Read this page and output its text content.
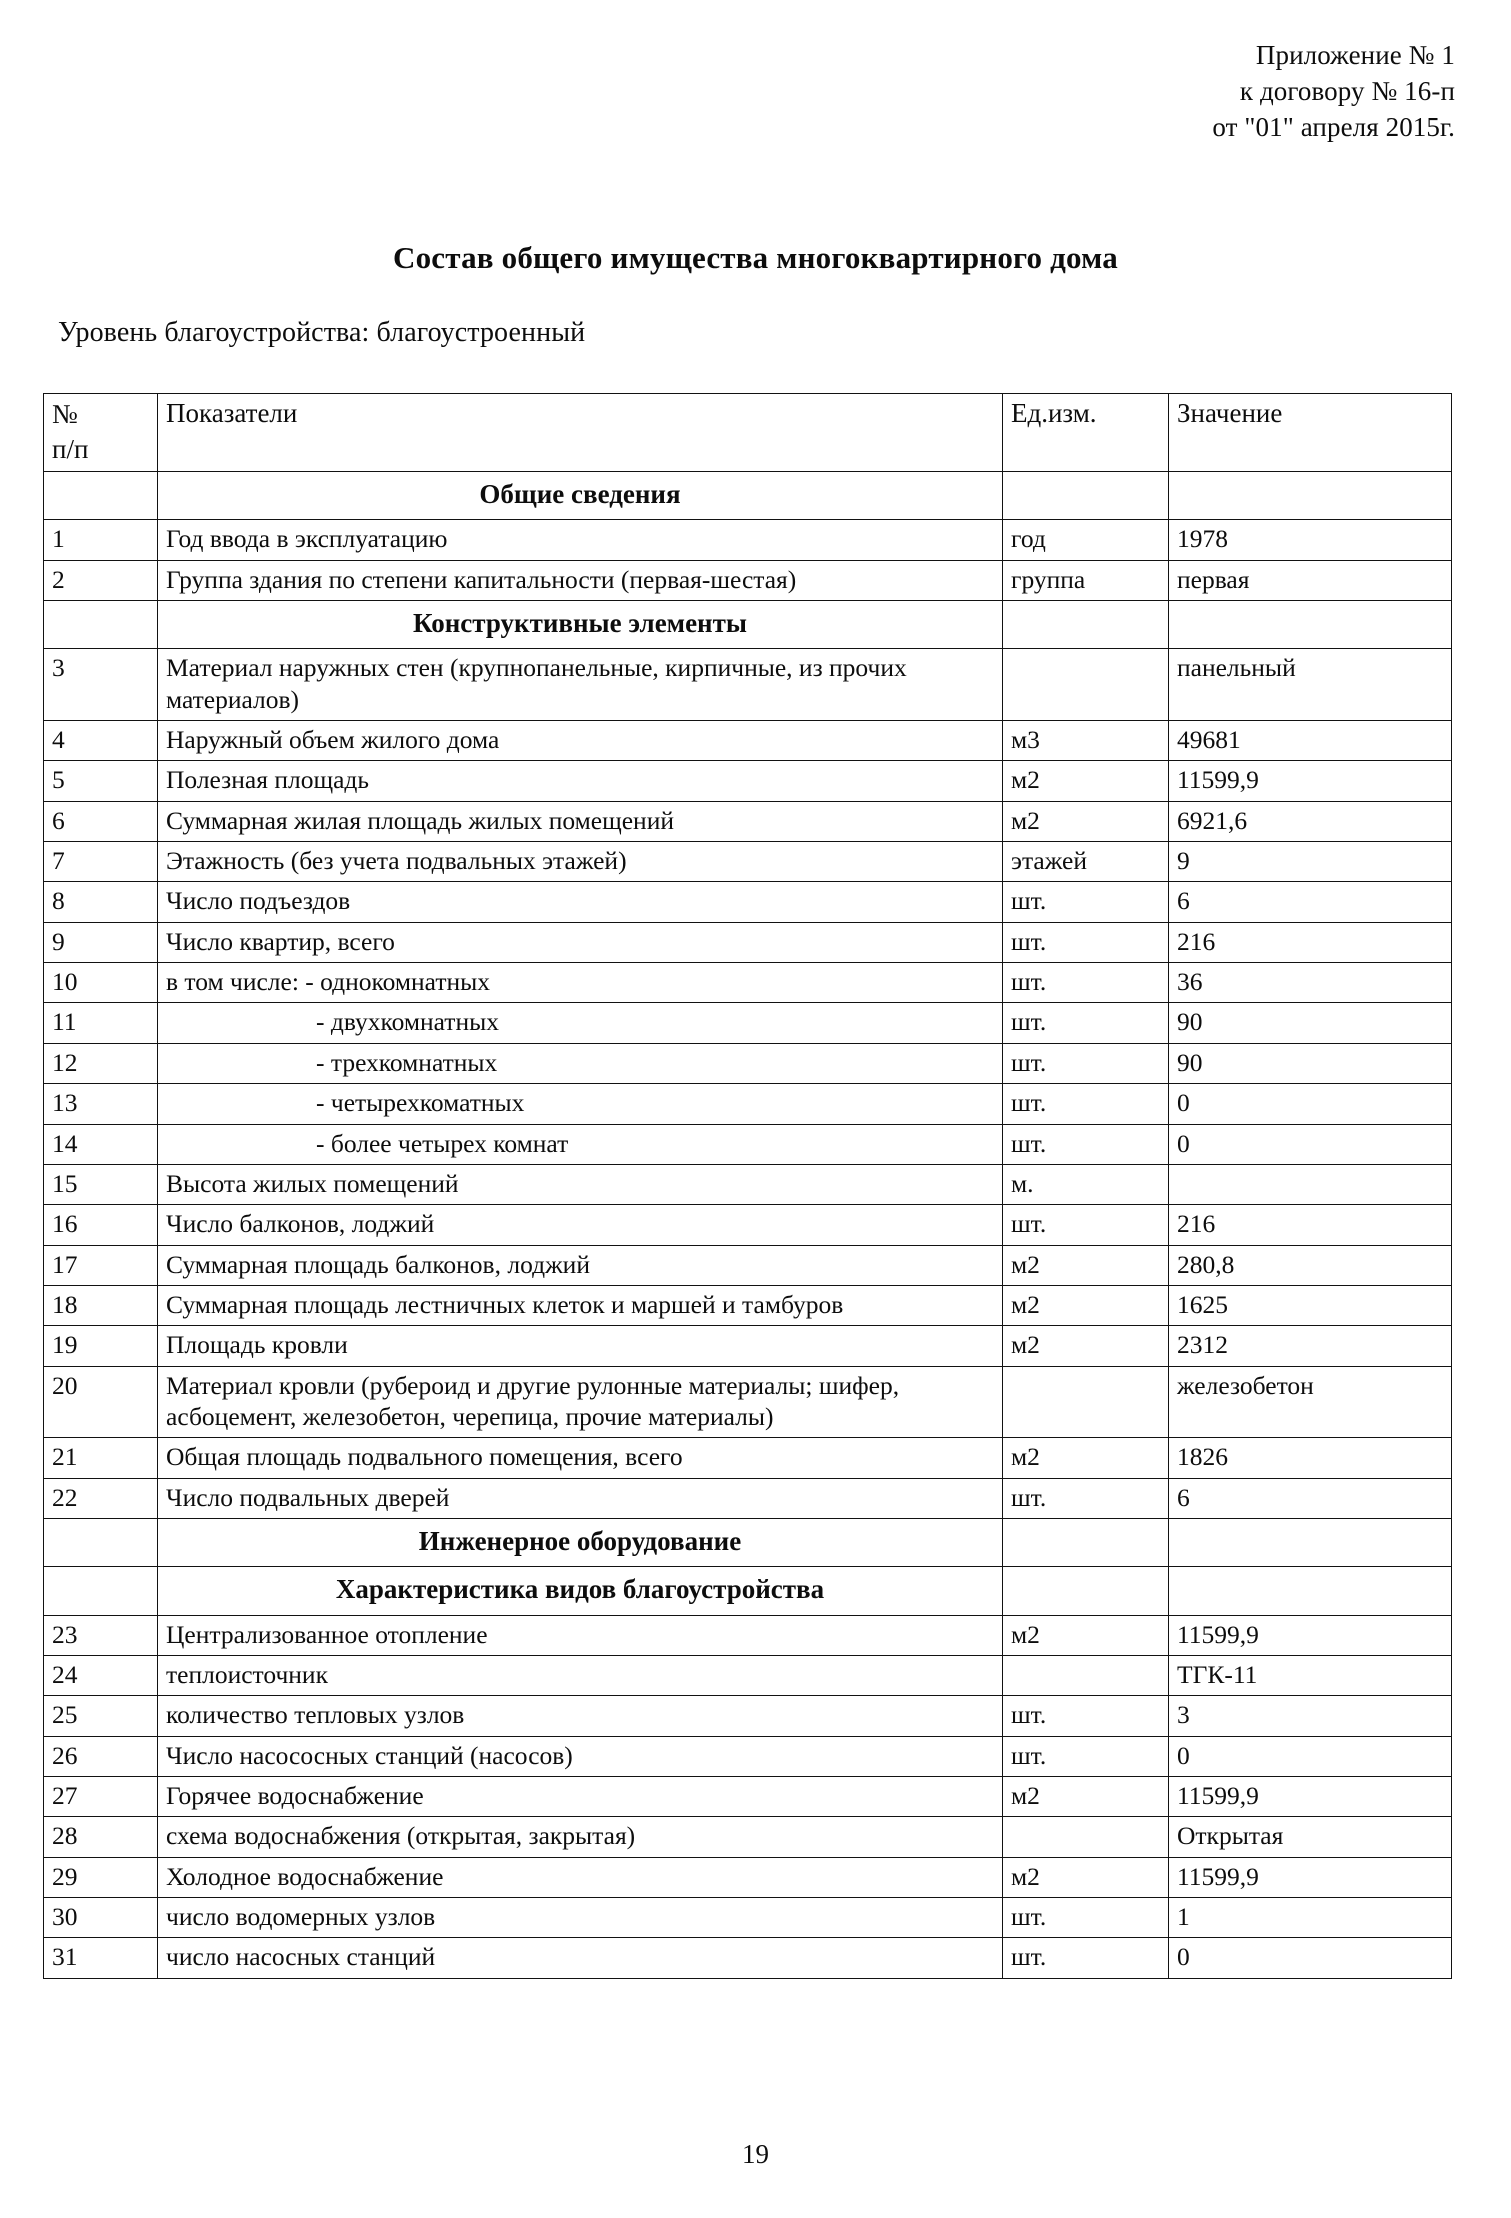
Приложение № 1
к договору № 16-п
от "01" апреля 2015г.
Состав общего имущества многоквартирного дома
Уровень благоустройства: благоустроенный
№
п/п	Показатели	Ед.изм.	Значение
	Общие сведения		
1	Год ввода в эксплуатацию	год	1978
2	Группа здания по степени капитальности (первая-шестая)	группа	первая
	Конструктивные элементы		
3	Материал наружных стен (крупнопанельные, кирпичные, из прочих материалов)		панельный
4	Наружный объем жилого дома	м3	49681
5	Полезная площадь	м2	11599,9
6	Суммарная жилая площадь жилых помещений	м2	6921,6
7	Этажность (без учета подвальных этажей)	этажей	9
8	Число подъездов	шт.	6
9	Число квартир, всего	шт.	216
10	в том числе: - однокомнатных	шт.	36
11	- двухкомнатных	шт.	90
12	- трехкомнатных	шт.	90
13	- четырехкоматных	шт.	0
14	- более четырех комнат	шт.	0
15	Высота жилых помещений	м.	
16	Число балконов, лоджий	шт.	216
17	Суммарная площадь балконов, лоджий	м2	280,8
18	Суммарная площадь лестничных клеток и маршей и тамбуров	м2	1625
19	Площадь кровли	м2	2312
20	Материал кровли (рубероид и другие рулонные материалы; шифер, асбоцемент, железобетон, черепица, прочие материалы)		железобетон
21	Общая площадь подвального помещения, всего	м2	1826
22	Число подвальных дверей	шт.	6
	Инженерное оборудование		
	Характеристика видов благоустройства		
23	Централизованное отопление	м2	11599,9
24	теплоисточник		ТГК-11
25	количество тепловых узлов	шт.	3
26	Число насососных станций (насосов)	шт.	0
27	Горячее водоснабжение	м2	11599,9
28	схема водоснабжения (открытая, закрытая)		Открытая
29	Холодное водоснабжение	м2	11599,9
30	число водомерных узлов	шт.	1
31	число насосных станций	шт.	0
19
